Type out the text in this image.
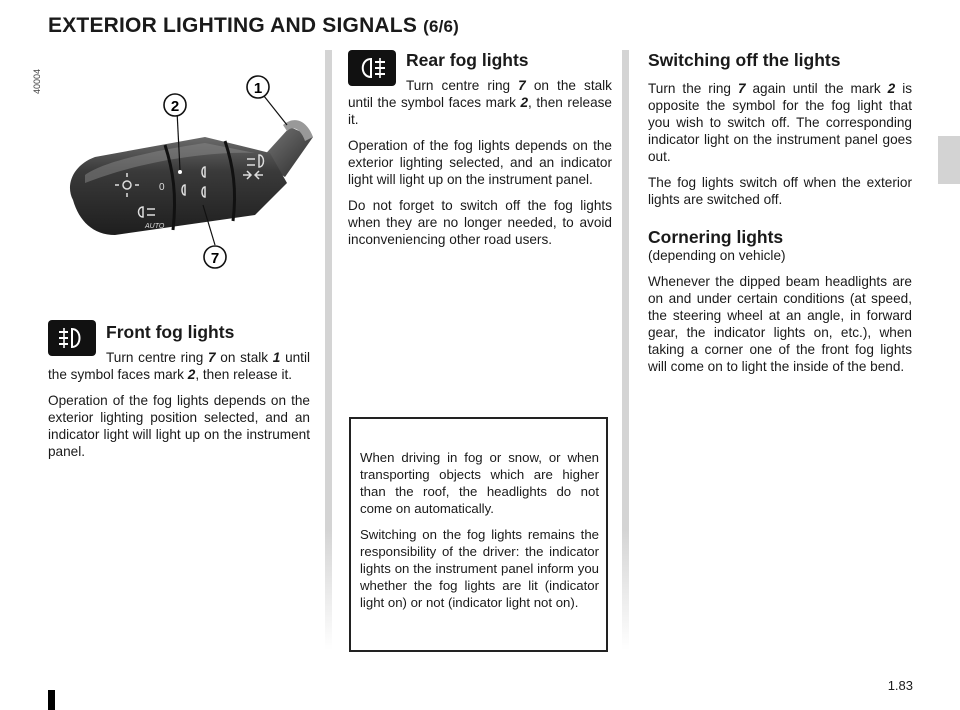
EXTERIOR LIGHTING AND SIGNALS (6/6)
40004
0
AUTO
1
2
7
Front fog lights

Turn centre ring 7 on stalk 1 until the symbol faces mark 2, then release it.

Operation of the fog lights depends on the exterior lighting position selected, and an indicator light will light up on the instrument panel.

Rear fog lights

Turn centre ring 7 on the stalk until the symbol faces mark 2, then release it.

Operation of the fog lights depends on the exterior lighting selected, and an indicator light will light up on the instrument panel.

Do not forget to switch off the fog lights when they are no longer needed, to avoid inconveniencing other road users.

When driving in fog or snow, or when transporting objects which are higher than the roof, the headlights do not come on automatically.

Switching on the fog lights remains the responsibility of the driver: the indicator lights on the instrument panel inform you whether the fog lights are lit (indicator light on) or not (indicator light not on).

Switching off the lights

Turn the ring 7 again until the mark 2 is opposite the symbol for the fog light that you wish to switch off. The corresponding indicator light on the instrument panel goes out.

The fog lights switch off when the exterior lights are switched off.

Cornering lights

(depending on vehicle)

Whenever the dipped beam headlights are on and under certain conditions (at speed, the steering wheel at an angle, in forward gear, the indicator lights on, etc.), when taking a corner one of the front fog lights will come on to light the inside of the bend.

1.83
